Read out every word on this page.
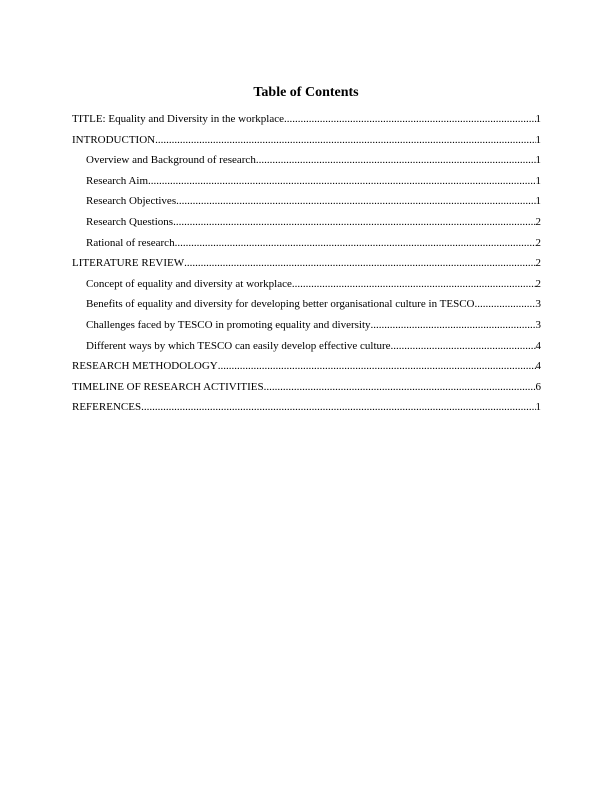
Table of Contents
TITLE: Equality and Diversity in the workplace .....	1
INTRODUCTION .....	1
Overview and Background of research .....	1
Research Aim .....	1
Research Objectives .....	1
Research Questions .....	2
Rational of research .....	2
LITERATURE REVIEW .....	2
Concept of equality and diversity at workplace .....	2
Benefits of equality and diversity for developing better organisational culture in TESCO .....	3
Challenges faced by TESCO in promoting equality and diversity .....	3
Different ways by which TESCO can easily develop effective culture .....	4
RESEARCH METHODOLOGY .....	4
TIMELINE OF RESEARCH ACTIVITIES .....	6
REFERENCES .....	1
